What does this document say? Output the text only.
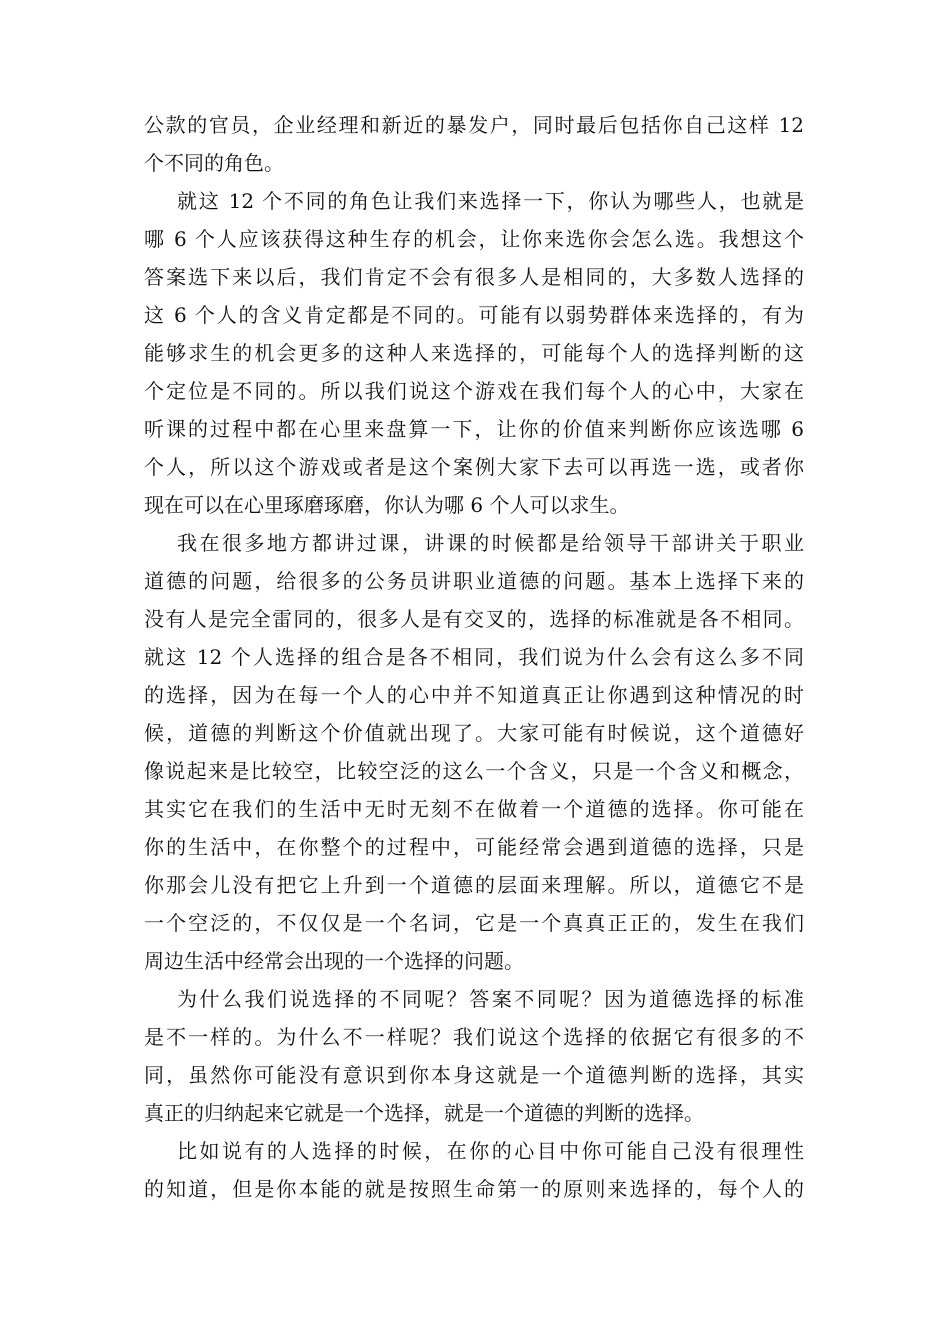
公款的官员，企业经理和新近的暴发户，同时最后包括你自己这样 12
个不同的角色。
就这 12 个不同的角色让我们来选择一下，你认为哪些人，也就是
哪 6 个人应该获得这种生存的机会，让你来选你会怎么选。我想这个
答案选下来以后，我们肯定不会有很多人是相同的，大多数人选择的
这 6 个人的含义肯定都是不同的。可能有以弱势群体来选择的，有为
能够求生的机会更多的这种人来选择的，可能每个人的选择判断的这
个定位是不同的。所以我们说这个游戏在我们每个人的心中，大家在
听课的过程中都在心里来盘算一下，让你的价值来判断你应该选哪 6
个人，所以这个游戏或者是这个案例大家下去可以再选一选，或者你
现在可以在心里琢磨琢磨，你认为哪 6 个人可以求生。
我在很多地方都讲过课，讲课的时候都是给领导干部讲关于职业
道德的问题，给很多的公务员讲职业道德的问题。基本上选择下来的
没有人是完全雷同的，很多人是有交叉的，选择的标准就是各不相同。
就这 12 个人选择的组合是各不相同，我们说为什么会有这么多不同
的选择，因为在每一个人的心中并不知道真正让你遇到这种情况的时
候，道德的判断这个价值就出现了。大家可能有时候说，这个道德好
像说起来是比较空，比较空泛的这么一个含义，只是一个含义和概念，
其实它在我们的生活中无时无刻不在做着一个道德的选择。你可能在
你的生活中，在你整个的过程中，可能经常会遇到道德的选择，只是
你那会儿没有把它上升到一个道德的层面来理解。所以，道德它不是
一个空泛的，不仅仅是一个名词，它是一个真真正正的，发生在我们
周边生活中经常会出现的一个选择的问题。
为什么我们说选择的不同呢？答案不同呢？因为道德选择的标准
是不一样的。为什么不一样呢？我们说这个选择的依据它有很多的不
同，虽然你可能没有意识到你本身这就是一个道德判断的选择，其实
真正的归纳起来它就是一个选择，就是一个道德的判断的选择。
比如说有的人选择的时候，在你的心目中你可能自己没有很理性
的知道，但是你本能的就是按照生命第一的原则来选择的，每个人的
